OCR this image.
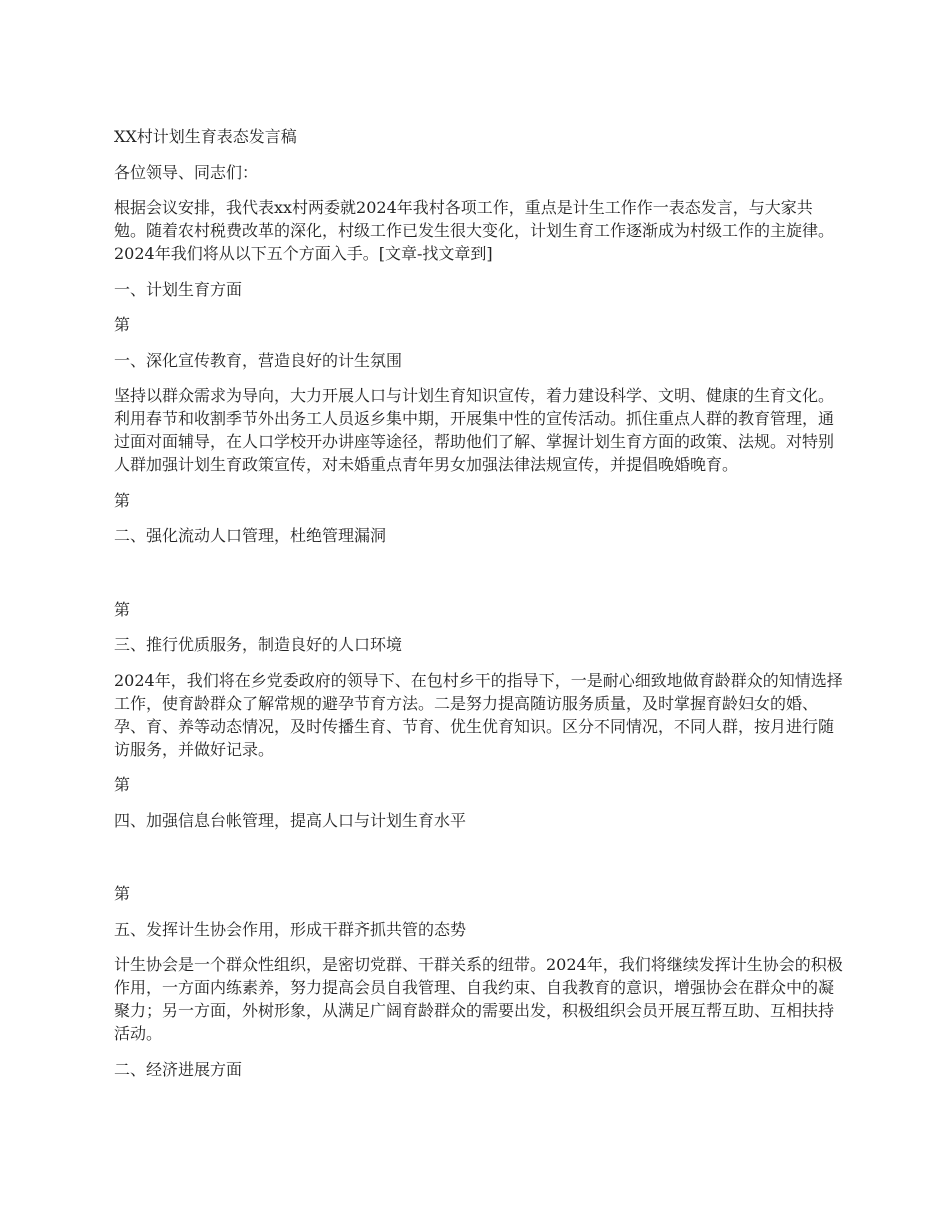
XX村计划生育表态发言稿

各位领导、同志们：

根据会议安排，我代表xx村两委就2024年我村各项工作，重点是计生工作作一表态发言，与大家共勉。随着农村税费改革的深化，村级工作已发生很大变化，计划生育工作逐渐成为村级工作的主旋律。2024年我们将从以下五个方面入手。[文章-找文章到]

一、计划生育方面

第

一、深化宣传教育，营造良好的计生氛围

坚持以群众需求为导向，大力开展人口与计划生育知识宣传，着力建设科学、文明、健康的生育文化。利用春节和收割季节外出务工人员返乡集中期，开展集中性的宣传活动。抓住重点人群的教育管理，通过面对面辅导，在人口学校开办讲座等途径，帮助他们了解、掌握计划生育方面的政策、法规。对特别人群加强计划生育政策宣传，对未婚重点青年男女加强法律法规宣传，并提倡晚婚晚育。

第

二、强化流动人口管理，杜绝管理漏洞

第

三、推行优质服务，制造良好的人口环境

2024年，我们将在乡党委政府的领导下、在包村乡干的指导下，一是耐心细致地做育龄群众的知情选择工作，使育龄群众了解常规的避孕节育方法。二是努力提高随访服务质量，及时掌握育龄妇女的婚、孕、育、养等动态情况，及时传播生育、节育、优生优育知识。区分不同情况，不同人群，按月进行随访服务，并做好记录。

第

四、加强信息台帐管理，提高人口与计划生育水平

第

五、发挥计生协会作用，形成干群齐抓共管的态势

计生协会是一个群众性组织，是密切党群、干群关系的纽带。2024年，我们将继续发挥计生协会的积极作用，一方面内练素养，努力提高会员自我管理、自我约束、自我教育的意识，增强协会在群众中的凝聚力；另一方面，外树形象，从满足广阔育龄群众的需要出发，积极组织会员开展互帮互助、互相扶持活动。

二、经济进展方面
